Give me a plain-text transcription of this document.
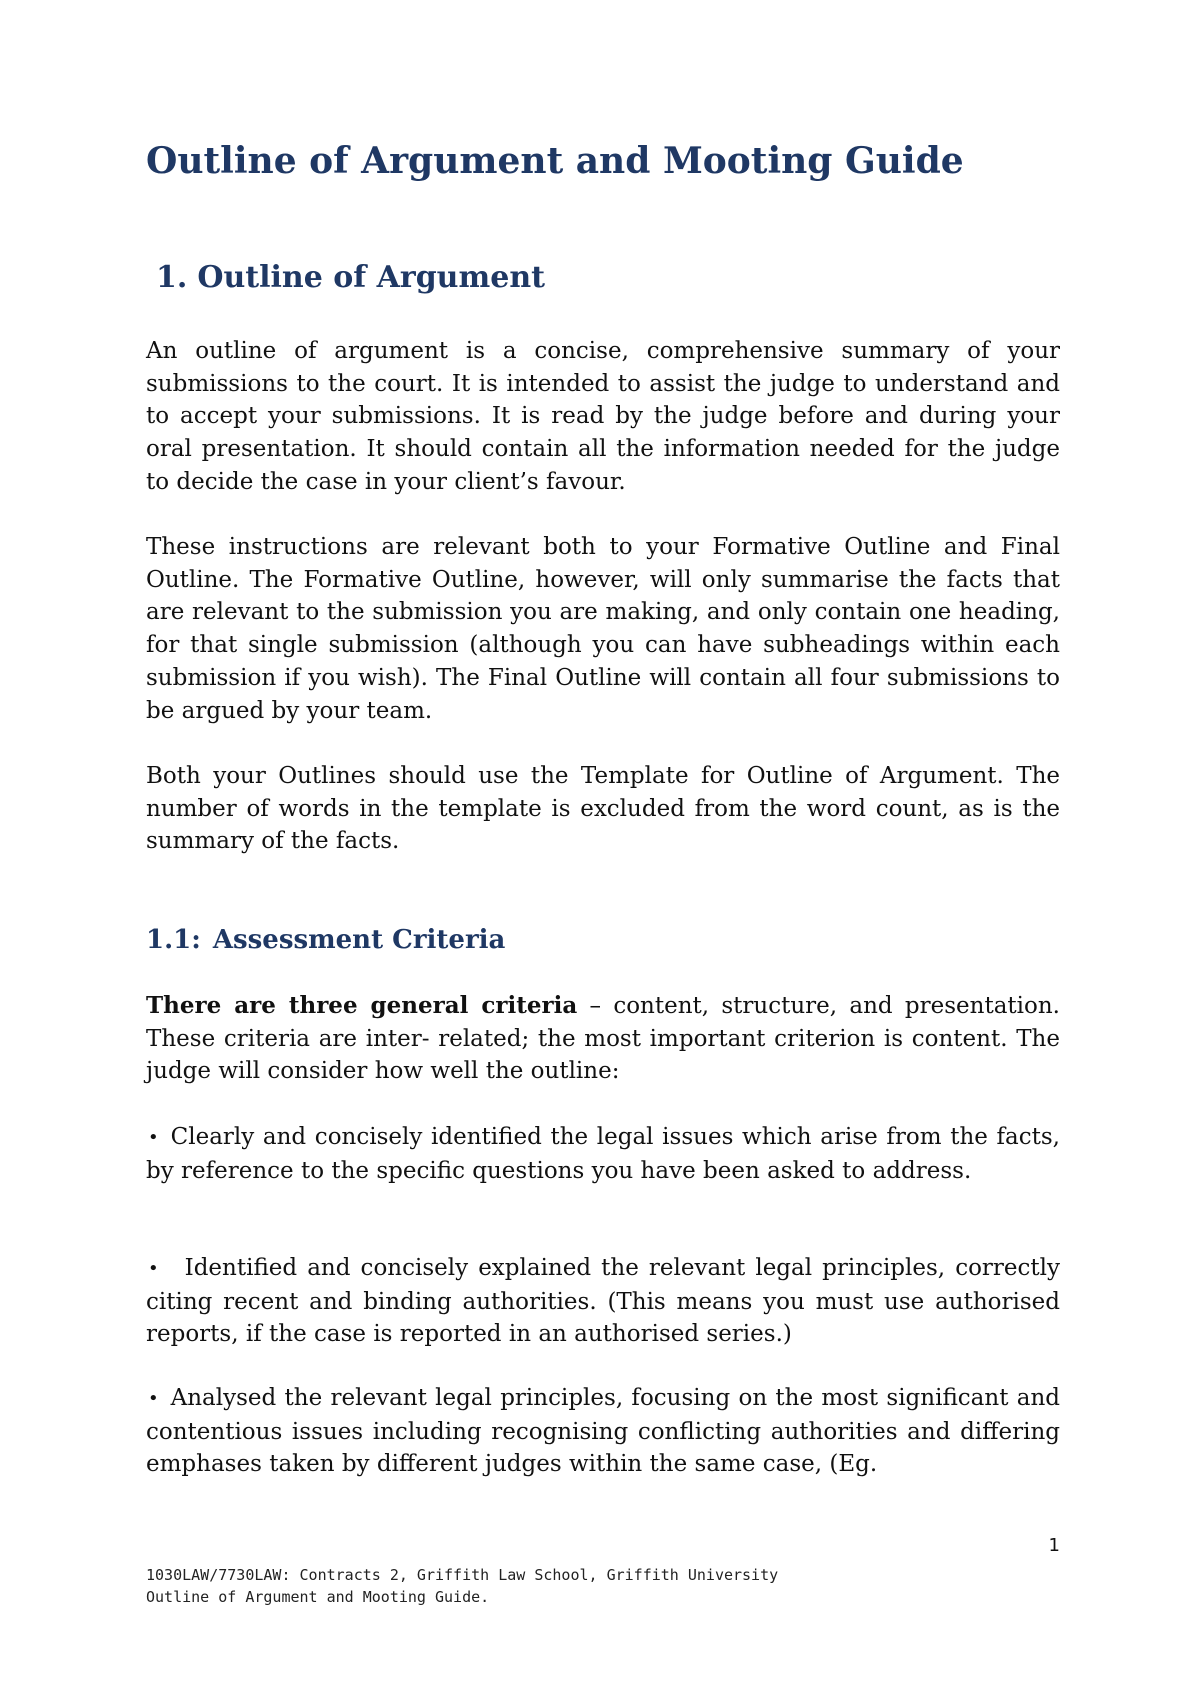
Outline of Argument and Mooting Guide
1. Outline of Argument

An outline of argument is a concise, comprehensive summary of your submissions to the court. It is intended to assist the judge to understand and to accept your submissions. It is read by the judge before and during your oral presentation. It should contain all the information needed for the judge to decide the case in your client’s favour.

These instructions are relevant both to your Formative Outline and Final Outline. The Formative Outline, however, will only summarise the facts that are relevant to the submission you are making, and only contain one heading, for that single submission (although you can have subheadings within each submission if you wish). The Final Outline will contain all four submissions to be argued by your team.

Both your Outlines should use the Template for Outline of Argument. The number of words in the template is excluded from the word count, as is the summary of the facts.

1.1: Assessment Criteria

There are three general criteria – content, structure, and presentation. These criteria are inter- related; the most important criterion is content. The judge will consider how well the outline:

• Clearly and concisely identified the legal issues which arise from the facts, by reference to the specific questions you have been asked to address.

• Identified and concisely explained the relevant legal principles, correctly citing recent and binding authorities. (This means you must use authorised reports, if the case is reported in an authorised series.)

• Analysed the relevant legal principles, focusing on the most significant and contentious issues including recognising conflicting authorities and differing emphases taken by different judges within the same case, (Eg.

1
1030LAW/7730LAW: Contracts 2, Griffith Law School, Griffith University
Outline of Argument and Mooting Guide.
